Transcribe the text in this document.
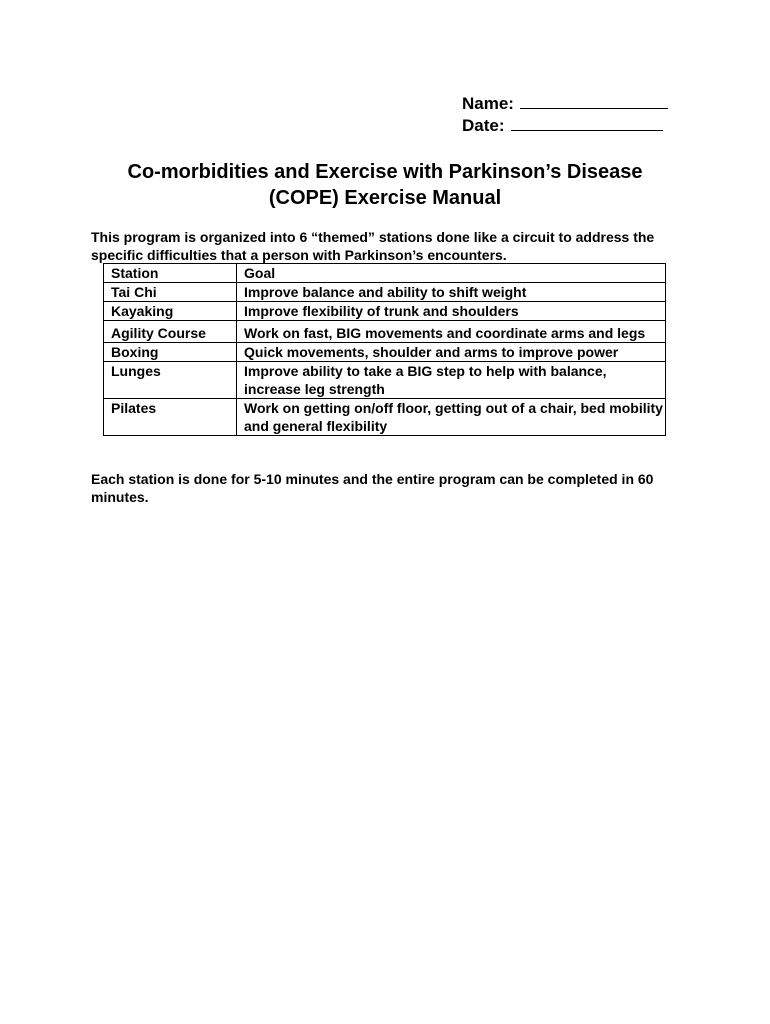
Name:
Date:
Co-morbidities and Exercise with Parkinson’s Disease
(COPE) Exercise Manual
This program is organized into 6 “themed” stations done like a circuit to address the specific difficulties that a person with Parkinson’s encounters.
Station	Goal
Tai Chi	Improve balance and ability to shift weight
Kayaking	Improve flexibility of trunk and shoulders
Agility Course	Work on fast, BIG movements and coordinate arms and legs
Boxing	Quick movements, shoulder and arms to improve power
Lunges	Improve ability to take a BIG step to help with balance, increase leg strength
Pilates	Work on getting on/off floor, getting out of a chair, bed mobility and general flexibility
Each station is done for 5-10 minutes and the entire program can be completed in 60 minutes.
